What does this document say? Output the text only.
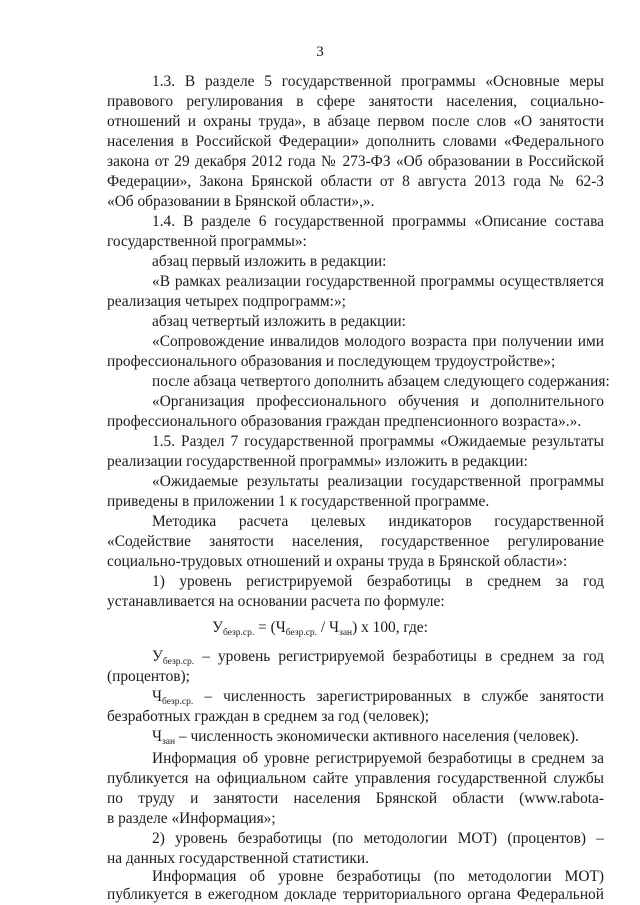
3
1.3. В разделе 5 государственной программы «Основные меры
правового регулирования в сфере занятости населения, социально-
отношений и охраны труда», в абзаце первом после слов «О занятости
населения в Российской Федерации» дополнить словами «Федерального
закона от 29 декабря 2012 года № 273-ФЗ «Об образовании в Российской
Федерации», Закона Брянской области от 8 августа 2013 года № 62-З
«Об образовании в Брянской области»,».
1.4. В разделе 6 государственной программы «Описание состава
государственной программы»:
абзац первый изложить в редакции:
«В рамках реализации государственной программы осуществляется
реализация четырех подпрограмм:»;
абзац четвертый изложить в редакции:
«Сопровождение инвалидов молодого возраста при получении ими
профессионального образования и последующем трудоустройстве»;
после абзаца четвертого дополнить абзацем следующего содержания:
«Организация профессионального обучения и дополнительного
профессионального образования граждан предпенсионного возраста».».
1.5. Раздел 7 государственной программы «Ожидаемые результаты
реализации государственной программы» изложить в редакции:
«Ожидаемые результаты реализации государственной программы
приведены в приложении 1 к государственной программе.
Методика расчета целевых индикаторов государственной
«Содействие занятости населения, государственное регулирование
социально-трудовых отношений и охраны труда в Брянской области»:
1) уровень регистрируемой безработицы в среднем за год
устанавливается на основании расчета по формуле:
$У_{безр.ср.} = (Ч_{безр.ср.} / Ч_{зан})$ x 100, где:
$У_{безр.ср.}$ – уровень регистрируемой безработицы в среднем за год
(процентов);
$Ч_{безр.ср.}$ – численность зарегистрированных в службе занятости
безработных граждан в среднем за год (человек);
$Ч_{зан}$ – численность экономически активного населения (человек).
Информация об уровне регистрируемой безработицы в среднем за
публикуется на официальном сайте управления государственной службы
по труду и занятости населения Брянской области (www.rabota-
в разделе «Информация»;
2) уровень безработицы (по методологии МОТ) (процентов) –
на данных государственной статистики.
Информация об уровне безработицы (по методологии МОТ)
публикуется в ежегодном докладе территориального органа Федеральной
